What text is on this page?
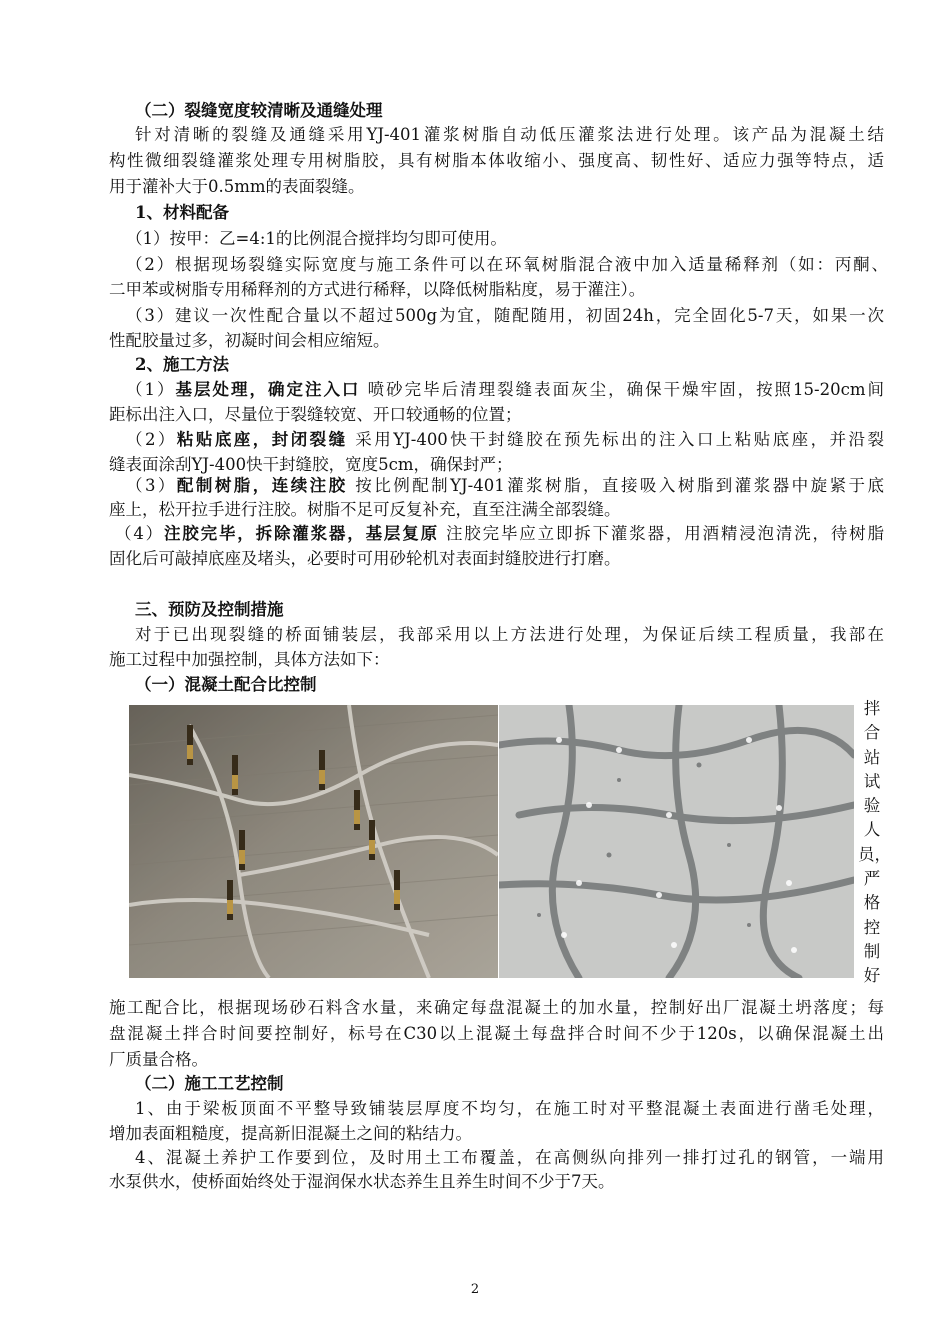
（二）裂缝宽度较清晰及通缝处理
针对清晰的裂缝及通缝采用YJ-401灌浆树脂自动低压灌浆法进行处理。该产品为混凝土结
构性微细裂缝灌浆处理专用树脂胶，具有树脂本体收缩小、强度高、韧性好、适应力强等特点，适
用于灌补大于0.5mm的表面裂缝。
1、材料配备
（1）按甲：乙=4:1的比例混合搅拌均匀即可使用。
（2）根据现场裂缝实际宽度与施工条件可以在环氧树脂混合液中加入适量稀释剂（如：丙酮、
二甲苯或树脂专用稀释剂的方式进行稀释，以降低树脂粘度，易于灌注）。
（3）建议一次性配合量以不超过500g为宜，随配随用，初固24h，完全固化5-7天，如果一次
性配胶量过多，初凝时间会相应缩短。
2、施工方法
（1）基层处理，确定注入口 喷砂完毕后清理裂缝表面灰尘，确保干燥牢固，按照15-20cm间
距标出注入口，尽量位于裂缝较宽、开口较通畅的位置；
（2）粘贴底座，封闭裂缝 采用YJ-400快干封缝胶在预先标出的注入口上粘贴底座，并沿裂
缝表面涂刮YJ-400快干封缝胶，宽度5cm，确保封严；
（3）配制树脂，连续注胶 按比例配制YJ-401灌浆树脂，直接吸入树脂到灌浆器中旋紧于底
座上，松开拉手进行注胶。树脂不足可反复补充，直至注满全部裂缝。
（4）注胶完毕，拆除灌浆器，基层复原 注胶完毕应立即拆下灌浆器，用酒精浸泡清洗，待树脂
固化后可敲掉底座及堵头，必要时可用砂轮机对表面封缝胶进行打磨。
三、预防及控制措施
对于已出现裂缝的桥面铺装层，我部采用以上方法进行处理，为保证后续工程质量，我部在
施工过程中加强控制，具体方法如下：
（一）混凝土配合比控制
拌
合
站
试
验
人
员，
严
格
控
制
好
施工配合比，根据现场砂石料含水量，来确定每盘混凝土的加水量，控制好出厂混凝土坍落度；每
盘混凝土拌合时间要控制好，标号在C30以上混凝土每盘拌合时间不少于120s，以确保混凝土出
厂质量合格。
（二）施工工艺控制
1、由于梁板顶面不平整导致铺装层厚度不均匀，在施工时对平整混凝土表面进行凿毛处理，
增加表面粗糙度，提高新旧混凝土之间的粘结力。
4、混凝土养护工作要到位，及时用土工布覆盖，在高侧纵向排列一排打过孔的钢管，一端用
水泵供水，使桥面始终处于湿润保水状态养生且养生时间不少于7天。
2
